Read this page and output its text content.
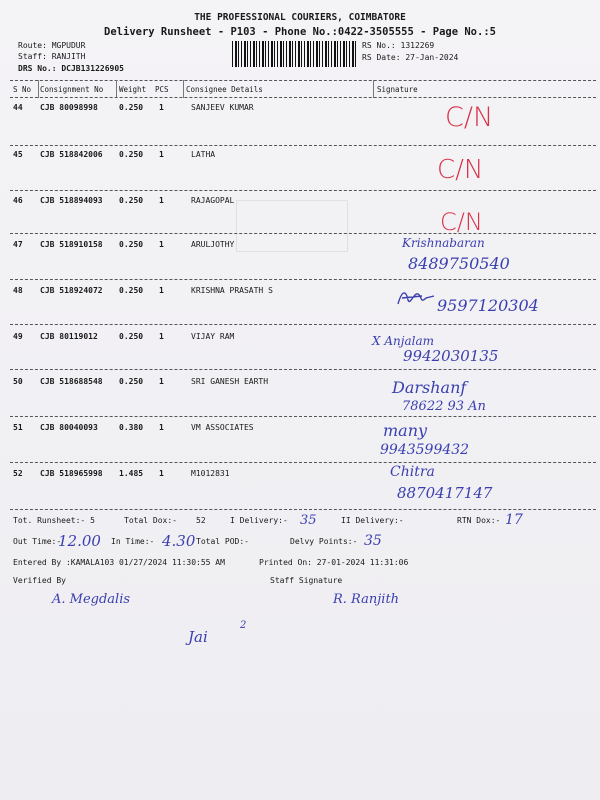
THE PROFESSIONAL COURIERS, COIMBATORE
Delivery Runsheet - P103 - Phone No.:0422-3505555 - Page No.:5
Route: MGPUDUR
Staff: RANJITH
DRS No.: DCJB131226905
RS No.: 1312269
RS Date: 27-Jan-2024
S No Consignment No Weight PCS Consignee Details	Signature
44 CJB 80098998	0.250 1	SANJEEV KUMAR	C/N
45 CJB 518842006 0.250 1	LATHA
C/N
46 CJB 518894093 0.250 1	RAJAGOPAL
C/N
47 CJB 518910158 0.250 1	ARULJOTHY	Krishnabaran
8489750540
48 CJB 518924072 0.250 1	KRISHNA PRASATH S
9597120304
49 CJB 80119012	0.250 1	VIJAY RAM	X Anjalam
9942030135
50 CJB 518688548 0.250 1	SRI GANESH EARTH	Darshanf
78622 93 An
51 CJB 80040093	0.380 1	VM ASSOCIATES	many
9943599432
52 CJB 518965998 1.485 1	M1012831	Chitra
8870417147
Tot. Runsheet:- 5	Total Dox:- 52	I Delivery:- 35	II Delivery:-	RTN Dox:- 17
Out Time:-
12.00 In Time:- 4.30 Total POD:-	Delvy Points:- 35
Entered By :KAMALA103 01/27/2024 11:30:55 AM	Printed On: 27-01-2024 11:31:06
Verified By	Staff Signature
A. Megdalis	R. Ranjith
2
Jai
